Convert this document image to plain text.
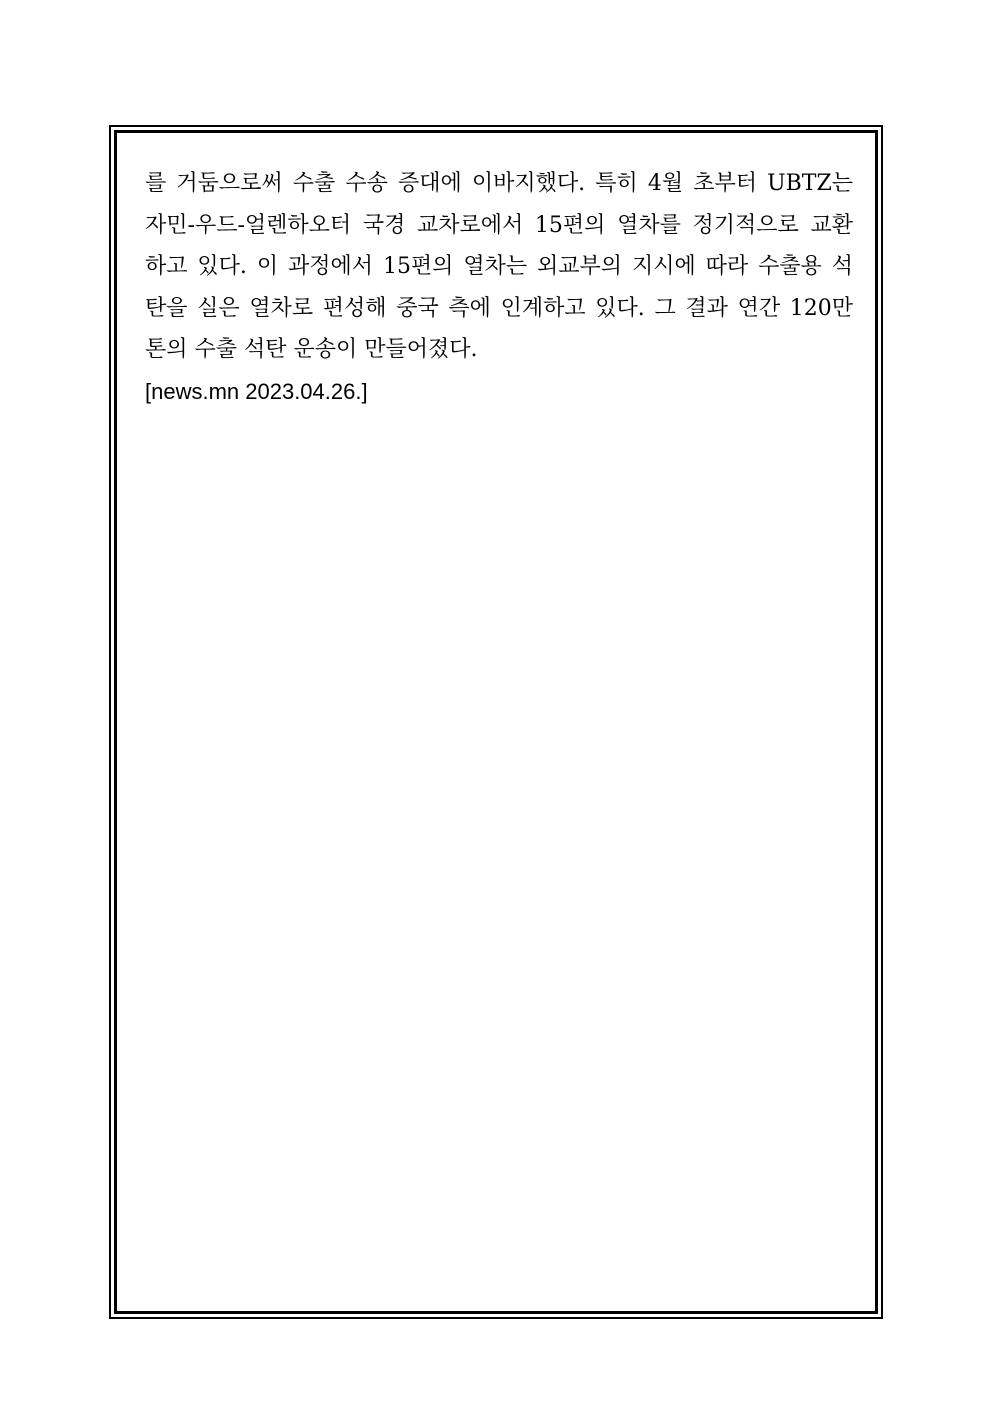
를 거둠으로써 수출 수송 증대에 이바지했다. 특히 4월 초부터 UBTZ는
자민-우드-얼렌하오터 국경 교차로에서 15편의 열차를 정기적으로 교환
하고 있다. 이 과정에서 15편의 열차는 외교부의 지시에 따라 수출용 석
탄을 실은 열차로 편성해 중국 측에 인계하고 있다. 그 결과 연간 120만
톤의 수출 석탄 운송이 만들어졌다.
[news.mn 2023.04.26.]
